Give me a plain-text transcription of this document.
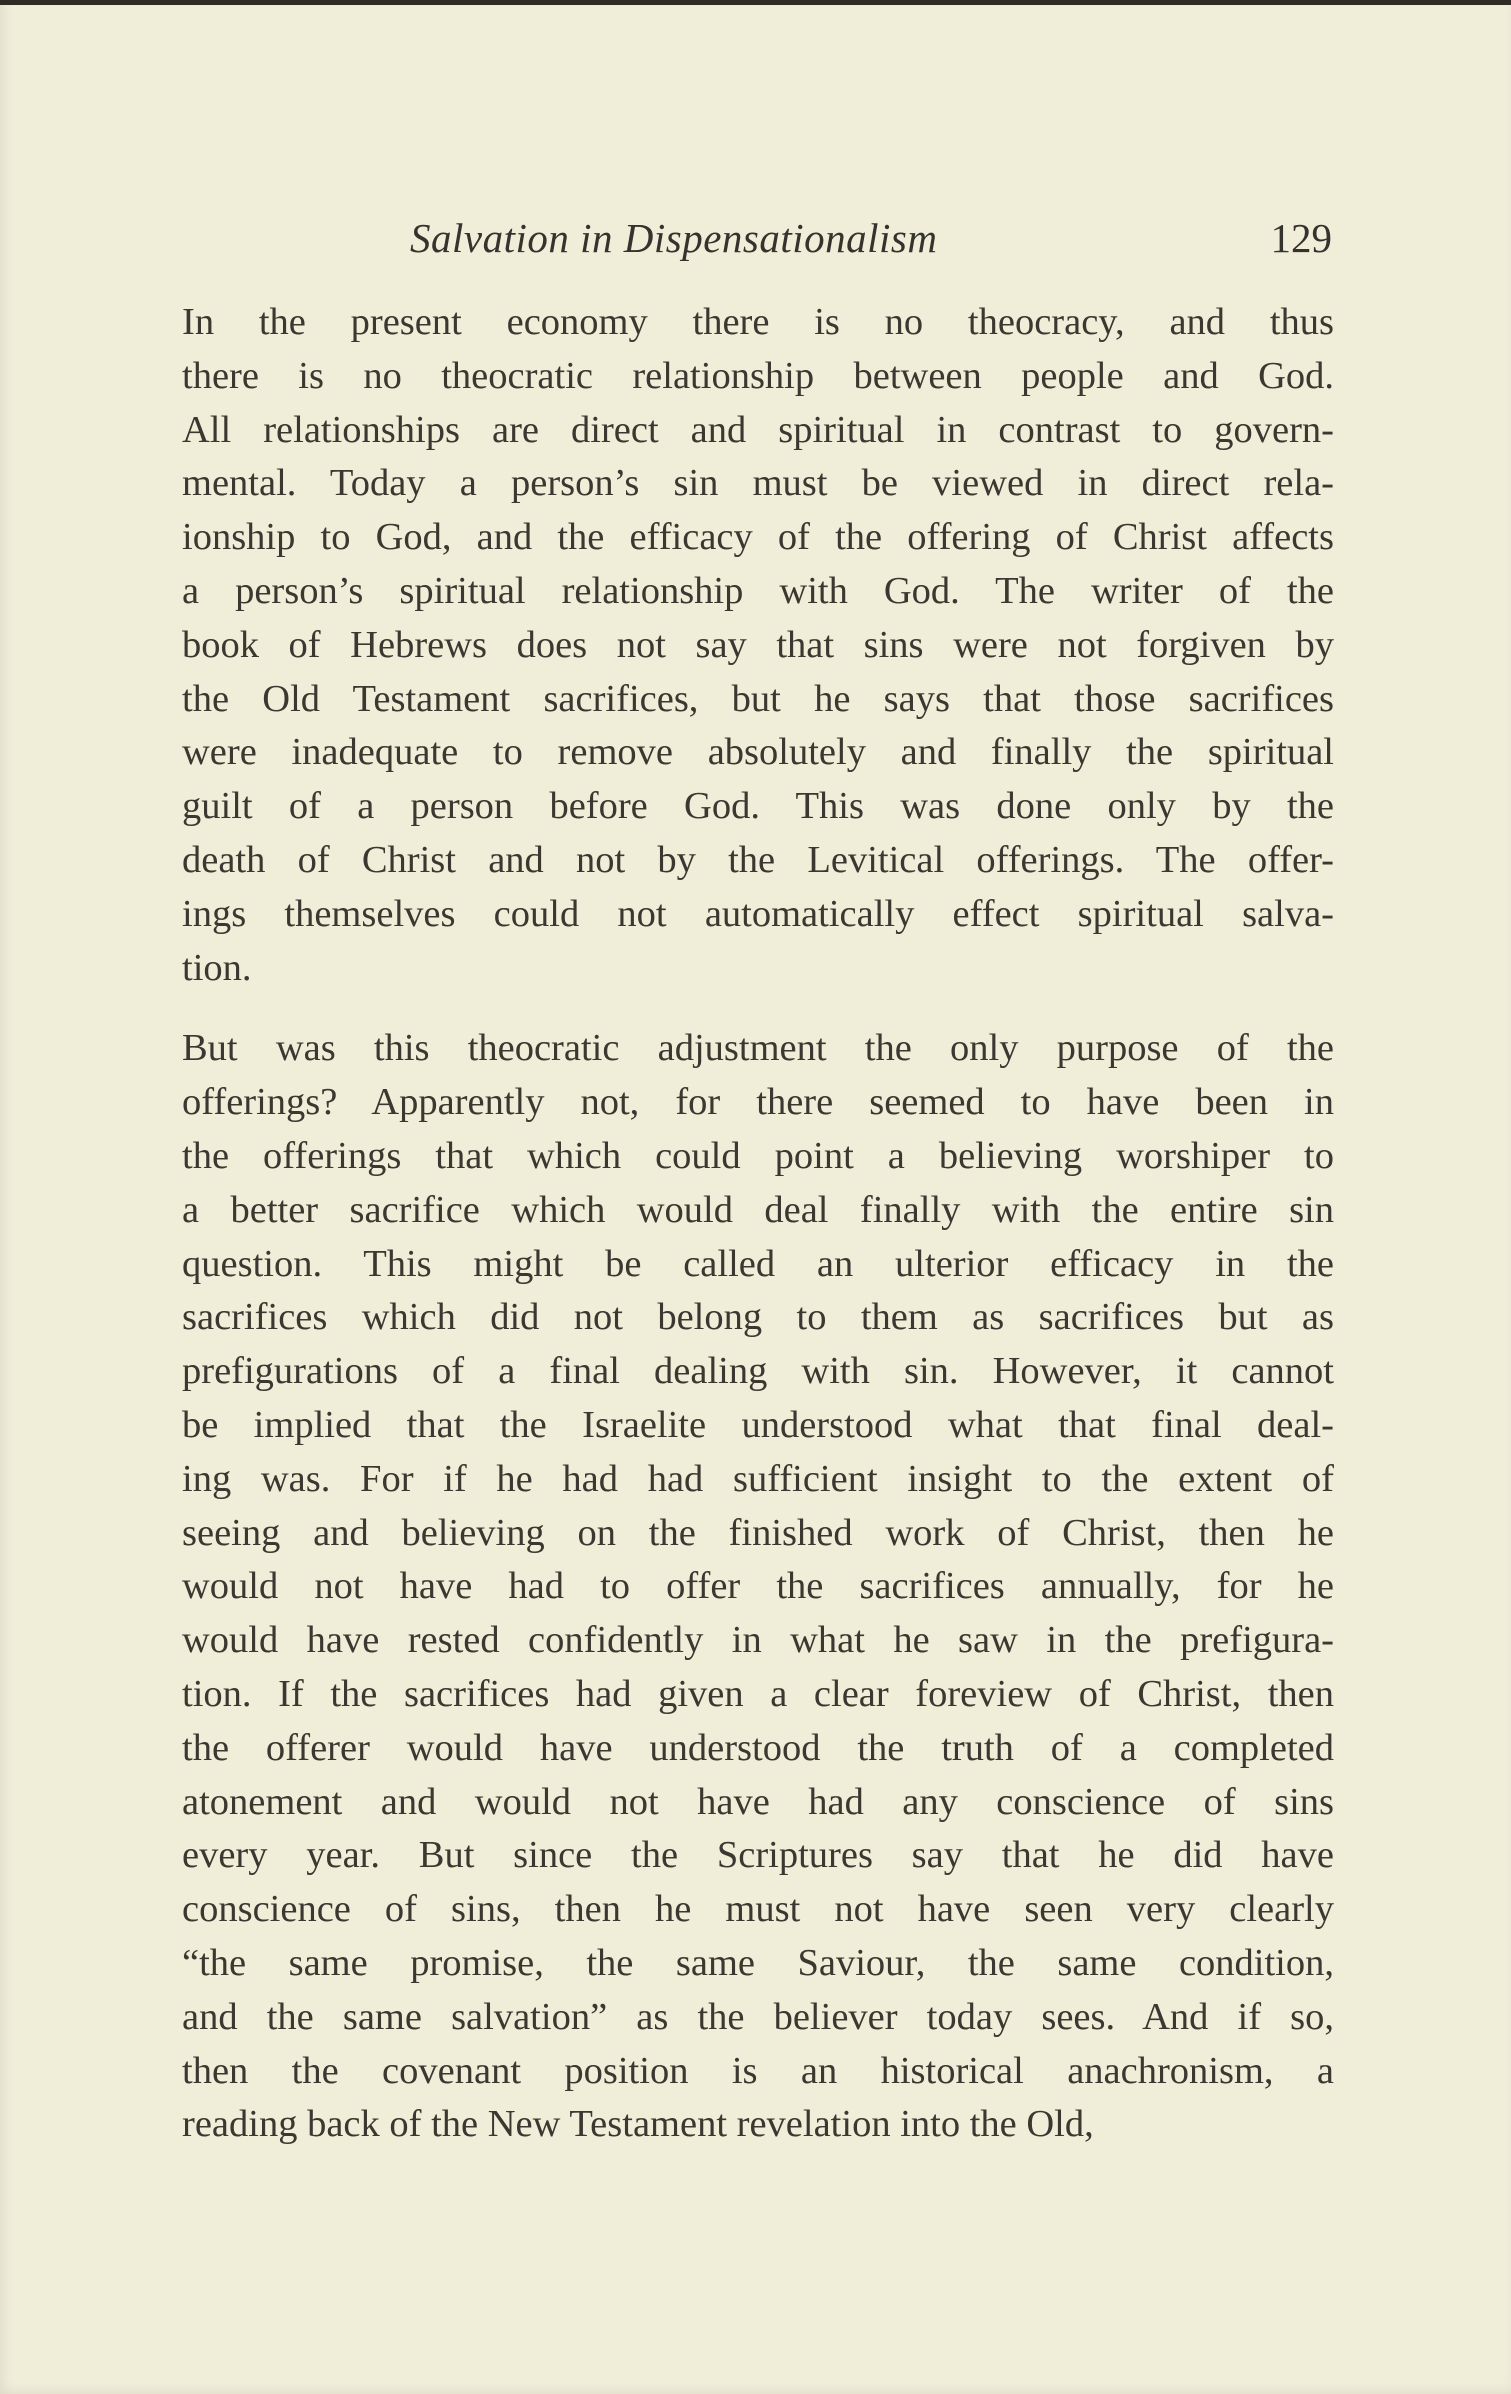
Salvation in Dispensationalism	129

In the present economy there is no theocracy, and thus
there is no theocratic relationship between people and God.
All relationships are direct and spiritual in contrast to govern-
mental. Today a person’s sin must be viewed in direct rela-
ionship to God, and the efficacy of the offering of Christ affects
a person’s spiritual relationship with God. The writer of the
book of Hebrews does not say that sins were not forgiven by
the Old Testament sacrifices, but he says that those sacrifices
were inadequate to remove absolutely and finally the spiritual
guilt of a person before God. This was done only by the
death of Christ and not by the Levitical offerings. The offer-
ings themselves could not automatically effect spiritual salva-
tion.

But was this theocratic adjustment the only purpose of the
offerings? Apparently not, for there seemed to have been in
the offerings that which could point a believing worshiper to
a better sacrifice which would deal finally with the entire sin
question. This might be called an ulterior efficacy in the
sacrifices which did not belong to them as sacrifices but as
prefigurations of a final dealing with sin. However, it cannot
be implied that the Israelite understood what that final deal-
ing was. For if he had had sufficient insight to the extent of
seeing and believing on the finished work of Christ, then he
would not have had to offer the sacrifices annually, for he
would have rested confidently in what he saw in the prefigura-
tion. If the sacrifices had given a clear foreview of Christ, then
the offerer would have understood the truth of a completed
atonement and would not have had any conscience of sins
every year. But since the Scriptures say that he did have
conscience of sins, then he must not have seen very clearly
“the same promise, the same Saviour, the same condition,
and the same salvation” as the believer today sees. And if so,
then the covenant position is an historical anachronism, a
reading back of the New Testament revelation into the Old,
